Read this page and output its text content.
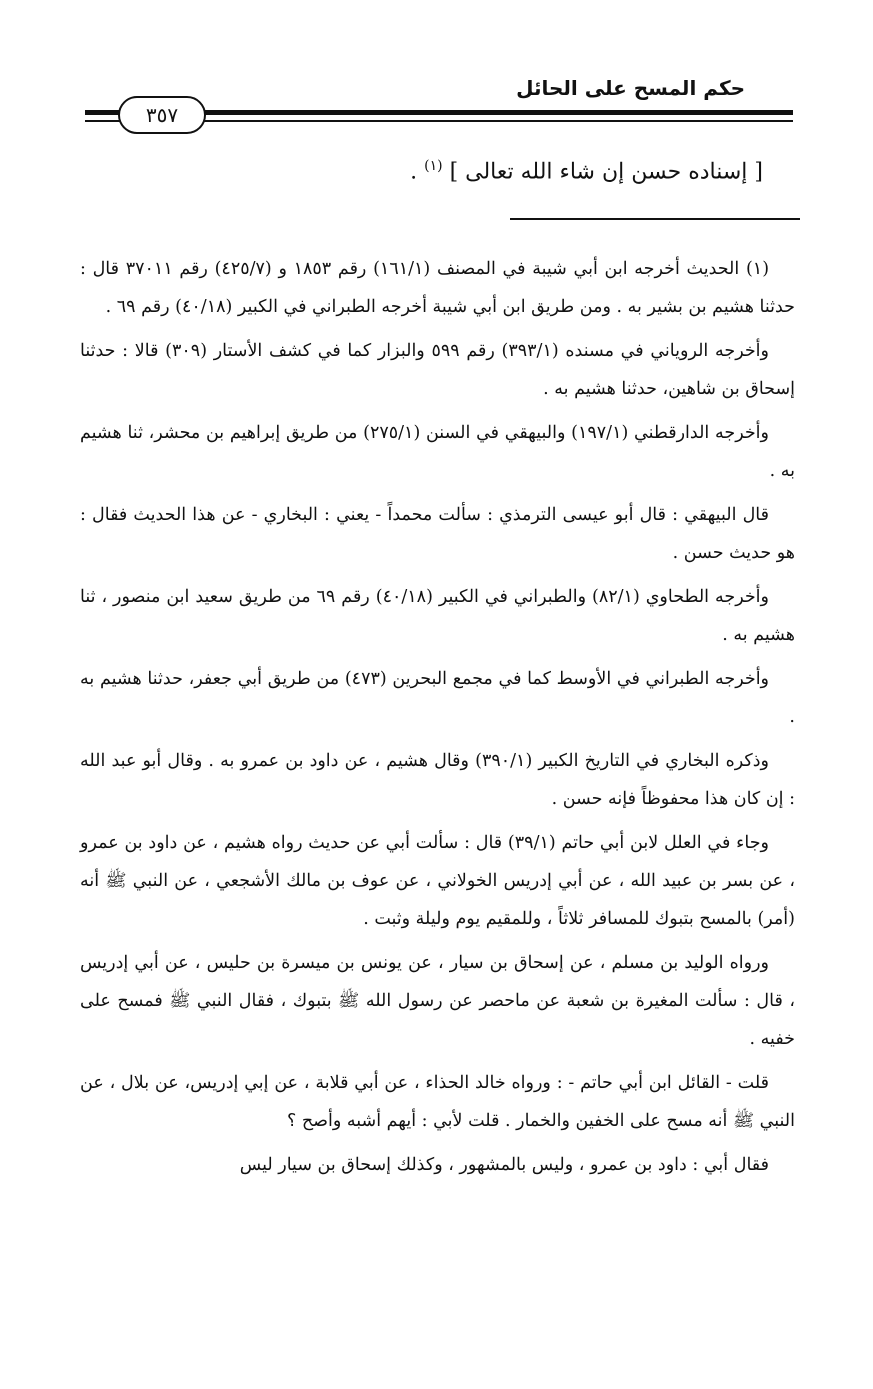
حكم المسح على الحائل
٣٥٧
[ إسناده حسن إن شاء الله تعالى ] $^{(١)}$ .

(١) الحديث أخرجه ابن أبي شيبة في المصنف (١٦١/١) رقم ١٨٥٣ و (٤٢٥/٧) رقم ٣٧٠١١ قال : حدثنا هشيم بن بشير به . ومن طريق ابن أبي شيبة أخرجه الطبراني في الكبير (٤٠/١٨) رقم ٦٩ .

وأخرجه الروياني في مسنده (٣٩٣/١) رقم ٥٩٩ والبزار كما في كشف الأستار (٣٠٩) قالا : حدثنا إسحاق بن شاهين، حدثنا هشيم به .

وأخرجه الدارقطني (١٩٧/١) والبيهقي في السنن (٢٧٥/١) من طريق إبراهيم بن محشر، ثنا هشيم به .

قال البيهقي : قال أبو عيسى الترمذي : سألت محمداً - يعني : البخاري - عن هذا الحديث فقال : هو حديث حسن .

وأخرجه الطحاوي (٨٢/١) والطبراني في الكبير (٤٠/١٨) رقم ٦٩ من طريق سعيد ابن منصور ، ثنا هشيم به .

وأخرجه الطبراني في الأوسط كما في مجمع البحرين (٤٧٣) من طريق أبي جعفر، حدثنا هشيم به .

وذكره البخاري في التاريخ الكبير (٣٩٠/١) وقال هشيم ، عن داود بن عمرو به . وقال أبو عبد الله : إن كان هذا محفوظاً فإنه حسن .

وجاء في العلل لابن أبي حاتم (٣٩/١) قال : سألت أبي عن حديث رواه هشيم ، عن داود بن عمرو ، عن بسر بن عبيد الله ، عن أبي إدريس الخولاني ، عن عوف بن مالك الأشجعي ، عن النبي ﷺ أنه (أمر) بالمسح بتبوك للمسافر ثلاثاً ، وللمقيم يوم وليلة وثبت .

ورواه الوليد بن مسلم ، عن إسحاق بن سيار ، عن يونس بن ميسرة بن حليس ، عن أبي إدريس ، قال : سألت المغيرة بن شعبة عن ماحصر عن رسول الله ﷺ بتبوك ، فقال النبي ﷺ فمسح على خفيه .

قلت - القائل ابن أبي حاتم - : ورواه خالد الحذاء ، عن أبي قلابة ، عن إبي إدريس، عن بلال ، عن النبي ﷺ أنه مسح على الخفين والخمار . قلت لأبي : أيهم أشبه وأصح ؟

فقال أبي : داود بن عمرو ، وليس بالمشهور ، وكذلك إسحاق بن سيار ليس
